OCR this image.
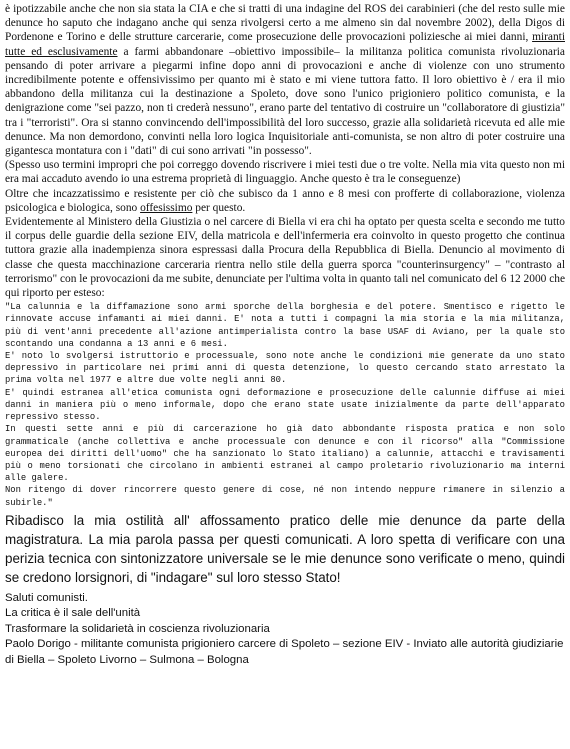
è ipotizzabile anche che non sia stata la CIA e che si tratti di una indagine del ROS dei carabinieri (che del resto sulle mie denunce ho saputo che indagano anche qui senza rivolgersi certo a me almeno sin dal novembre 2002), della Digos di Pordenone e Torino e delle strutture carcerarie, come prosecuzione delle provocazioni poliziesche ai miei danni, miranti tutte ed esclusivamente a farmi abbandonare –obiettivo impossibile– la militanza politica comunista rivoluzionaria pensando di poter arrivare a piegarmi infine dopo anni di provocazioni e anche di violenze con uno strumento incredibilmente potente e offensivissimo per quanto mi è stato e mi viene tuttora fatto. Il loro obiettivo è / era il mio abbandono della militanza cui la destinazione a Spoleto, dove sono l'unico prigioniero politico comunista, e la denigrazione come "sei pazzo, non ti crederà nessuno", erano parte del tentativo di costruire un "collaboratore di giustizia" tra i "terroristi". Ora si stanno convincendo dell'impossibilità del loro successo, grazie alla solidarietà ricevuta ed alle mie denunce. Ma non demordono, convinti nella loro logica Inquisitoriale anti-comunista, se non altro di poter costruire una gigantesca montatura con i "dati" di cui sono arrivati "in possesso".

(Spesso uso termini impropri che poi correggo dovendo riscrivere i miei testi due o tre volte. Nella mia vita questo non mi era mai accaduto avendo io una estrema proprietà di linguaggio. Anche questo è tra le conseguenze)

Oltre che incazzatissimo e resistente per ciò che subisco da 1 anno e 8 mesi con profferte di collaborazione, violenza psicologica e biologica, sono offesissimo per questo.

Evidentemente al Ministero della Giustizia o nel carcere di Biella vi era chi ha optato per questa scelta e secondo me tutto il corpus delle guardie della sezione EIV, della matricola e dell'infermeria era coinvolto in questo progetto che continua tuttora grazie alla inadempienza sinora espressasi dalla Procura della Repubblica di Biella. Denuncio al movimento di classe che questa macchinazione carceraria rientra nello stile della guerra sporca "counterinsurgency" – "contrasto al terrorismo" con le provocazioni da me subite, denunciate per l'ultima volta in quanto tali nel comunicato del 6 12 2000 che qui riporto per esteso:

"La calunnia e la diffamazione sono armi sporche della borghesia e del potere. Smentisco e rigetto le rinnovate accuse infamanti ai miei danni. E' nota a tutti i compagni la mia storia e la mia militanza, più di vent'anni precedente all'azione antimperialista contro la base USAF di Aviano, per la quale sto scontando una condanna a 13 anni e 6 mesi.

E' noto lo svolgersi istruttorio e processuale, sono note anche le condizioni mie generate da uno stato depressivo in particolare nei primi anni di questa detenzione, lo questo cercando stato arrestato la prima volta nel 1977 e altre due volte negli anni 80.

E' quindi estranea all'etica comunista ogni deformazione e prosecuzione delle calunnie diffuse ai miei danni in maniera più o meno informale, dopo che erano state usate inizialmente da parte dell'apparato repressivo stesso.

In questi sette anni e più di carcerazione ho già dato abbondante risposta pratica e non solo grammaticale (anche collettiva e anche processuale con denunce e con il ricorso" alla "Commissione europea dei diritti dell'uomo" che ha sanzionato lo Stato italiano) a calunnie, attacchi e travisamenti più o meno torsionati che circolano in ambienti estranei al campo proletario rivoluzionario ma interni alle galere.

Non ritengo di dover rincorrere questo genere di cose, né non intendo neppure rimanere in silenzio a subirle."

Ribadisco la mia ostilità all' affossamento pratico delle mie denunce da parte della magistratura. La mia parola passa per questi comunicati. A loro spetta di verificare con una perizia tecnica con sintonizzatore universale se le mie denunce sono verificate o meno, quindi se credono lorsignori, di "indagare" sul loro stesso Stato!

Saluti comunisti.

La critica è il sale dell'unità

Trasformare la solidarietà in coscienza rivoluzionaria

Paolo Dorigo - militante comunista prigioniero carcere di Spoleto – sezione EIV - Inviato alle autorità giudiziarie di Biella – Spoleto Livorno – Sulmona – Bologna
